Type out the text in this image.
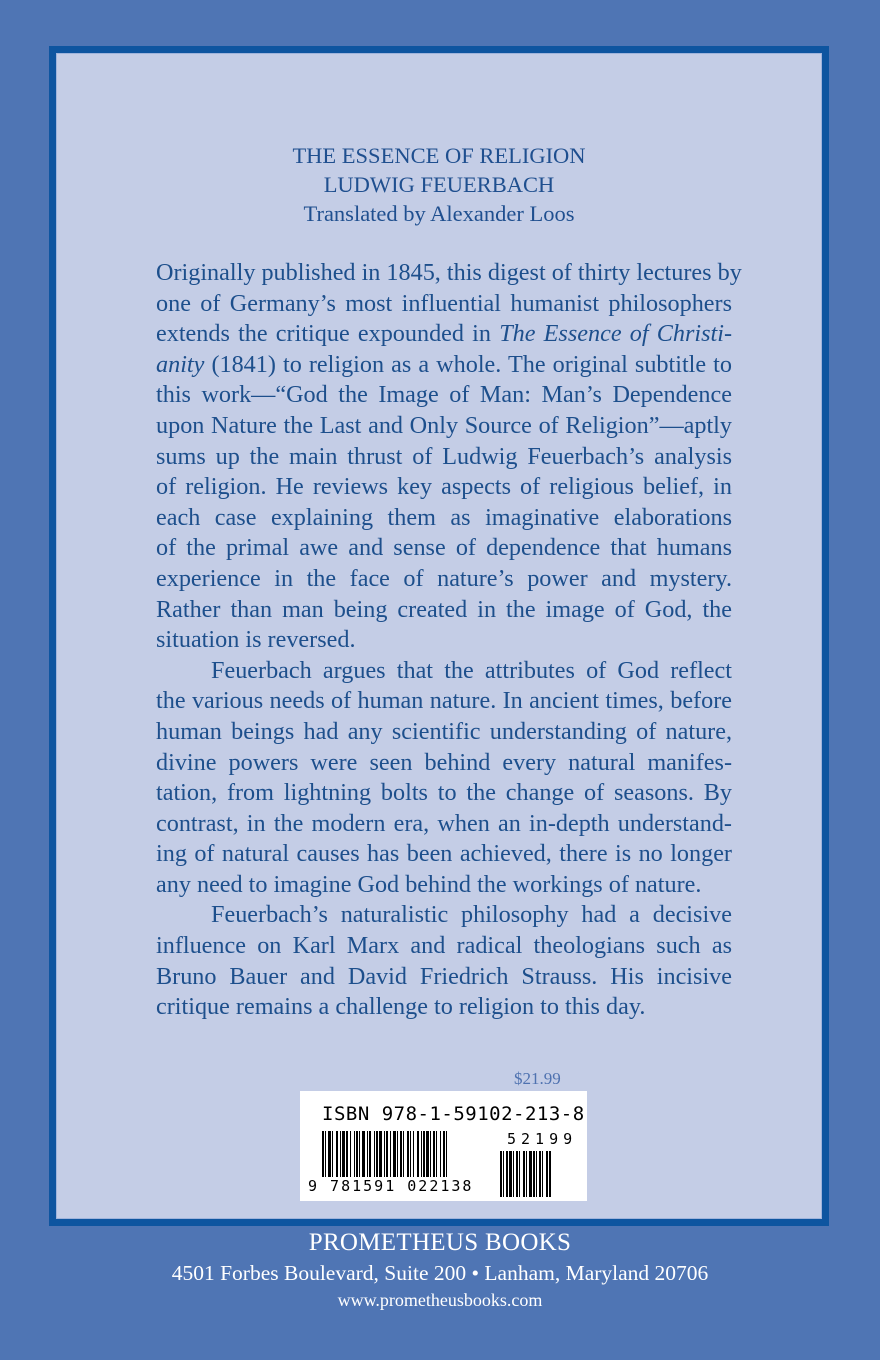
THE ESSENCE OF RELIGION
LUDWIG FEUERBACH
Translated by Alexander Loos

Originally published in 1845, this digest of thirty lectures by
one of Germany’s most influential humanist philosophers
extends the critique expounded in The Essence of Christi-
anity (1841) to religion as a whole. The original subtitle to
this work—“God the Image of Man: Man’s Dependence
upon Nature the Last and Only Source of Religion”—aptly
sums up the main thrust of Ludwig Feuerbach’s analysis
of religion. He reviews key aspects of religious belief, in
each case explaining them as imaginative elaborations
of the primal awe and sense of dependence that humans
experience in the face of nature’s power and mystery.
Rather than man being created in the image of God, the
situation is reversed.

Feuerbach argues that the attributes of God reflect
the various needs of human nature. In ancient times, before
human beings had any scientific understanding of nature,
divine powers were seen behind every natural manifes-
tation, from lightning bolts to the change of seasons. By
contrast, in the modern era, when an in-depth understand-
ing of natural causes has been achieved, there is no longer
any need to imagine God behind the workings of nature.

Feuerbach’s naturalistic philosophy had a decisive
influence on Karl Marx and radical theologians such as
Bruno Bauer and David Friedrich Strauss. His incisive
critique remains a challenge to religion to this day.

$21.99
ISBN 978-1-59102-213-8
52199
9 781591 022138
PROMETHEUS BOOKS
4501 Forbes Boulevard, Suite 200 • Lanham, Maryland 20706
www.prometheusbooks.com
